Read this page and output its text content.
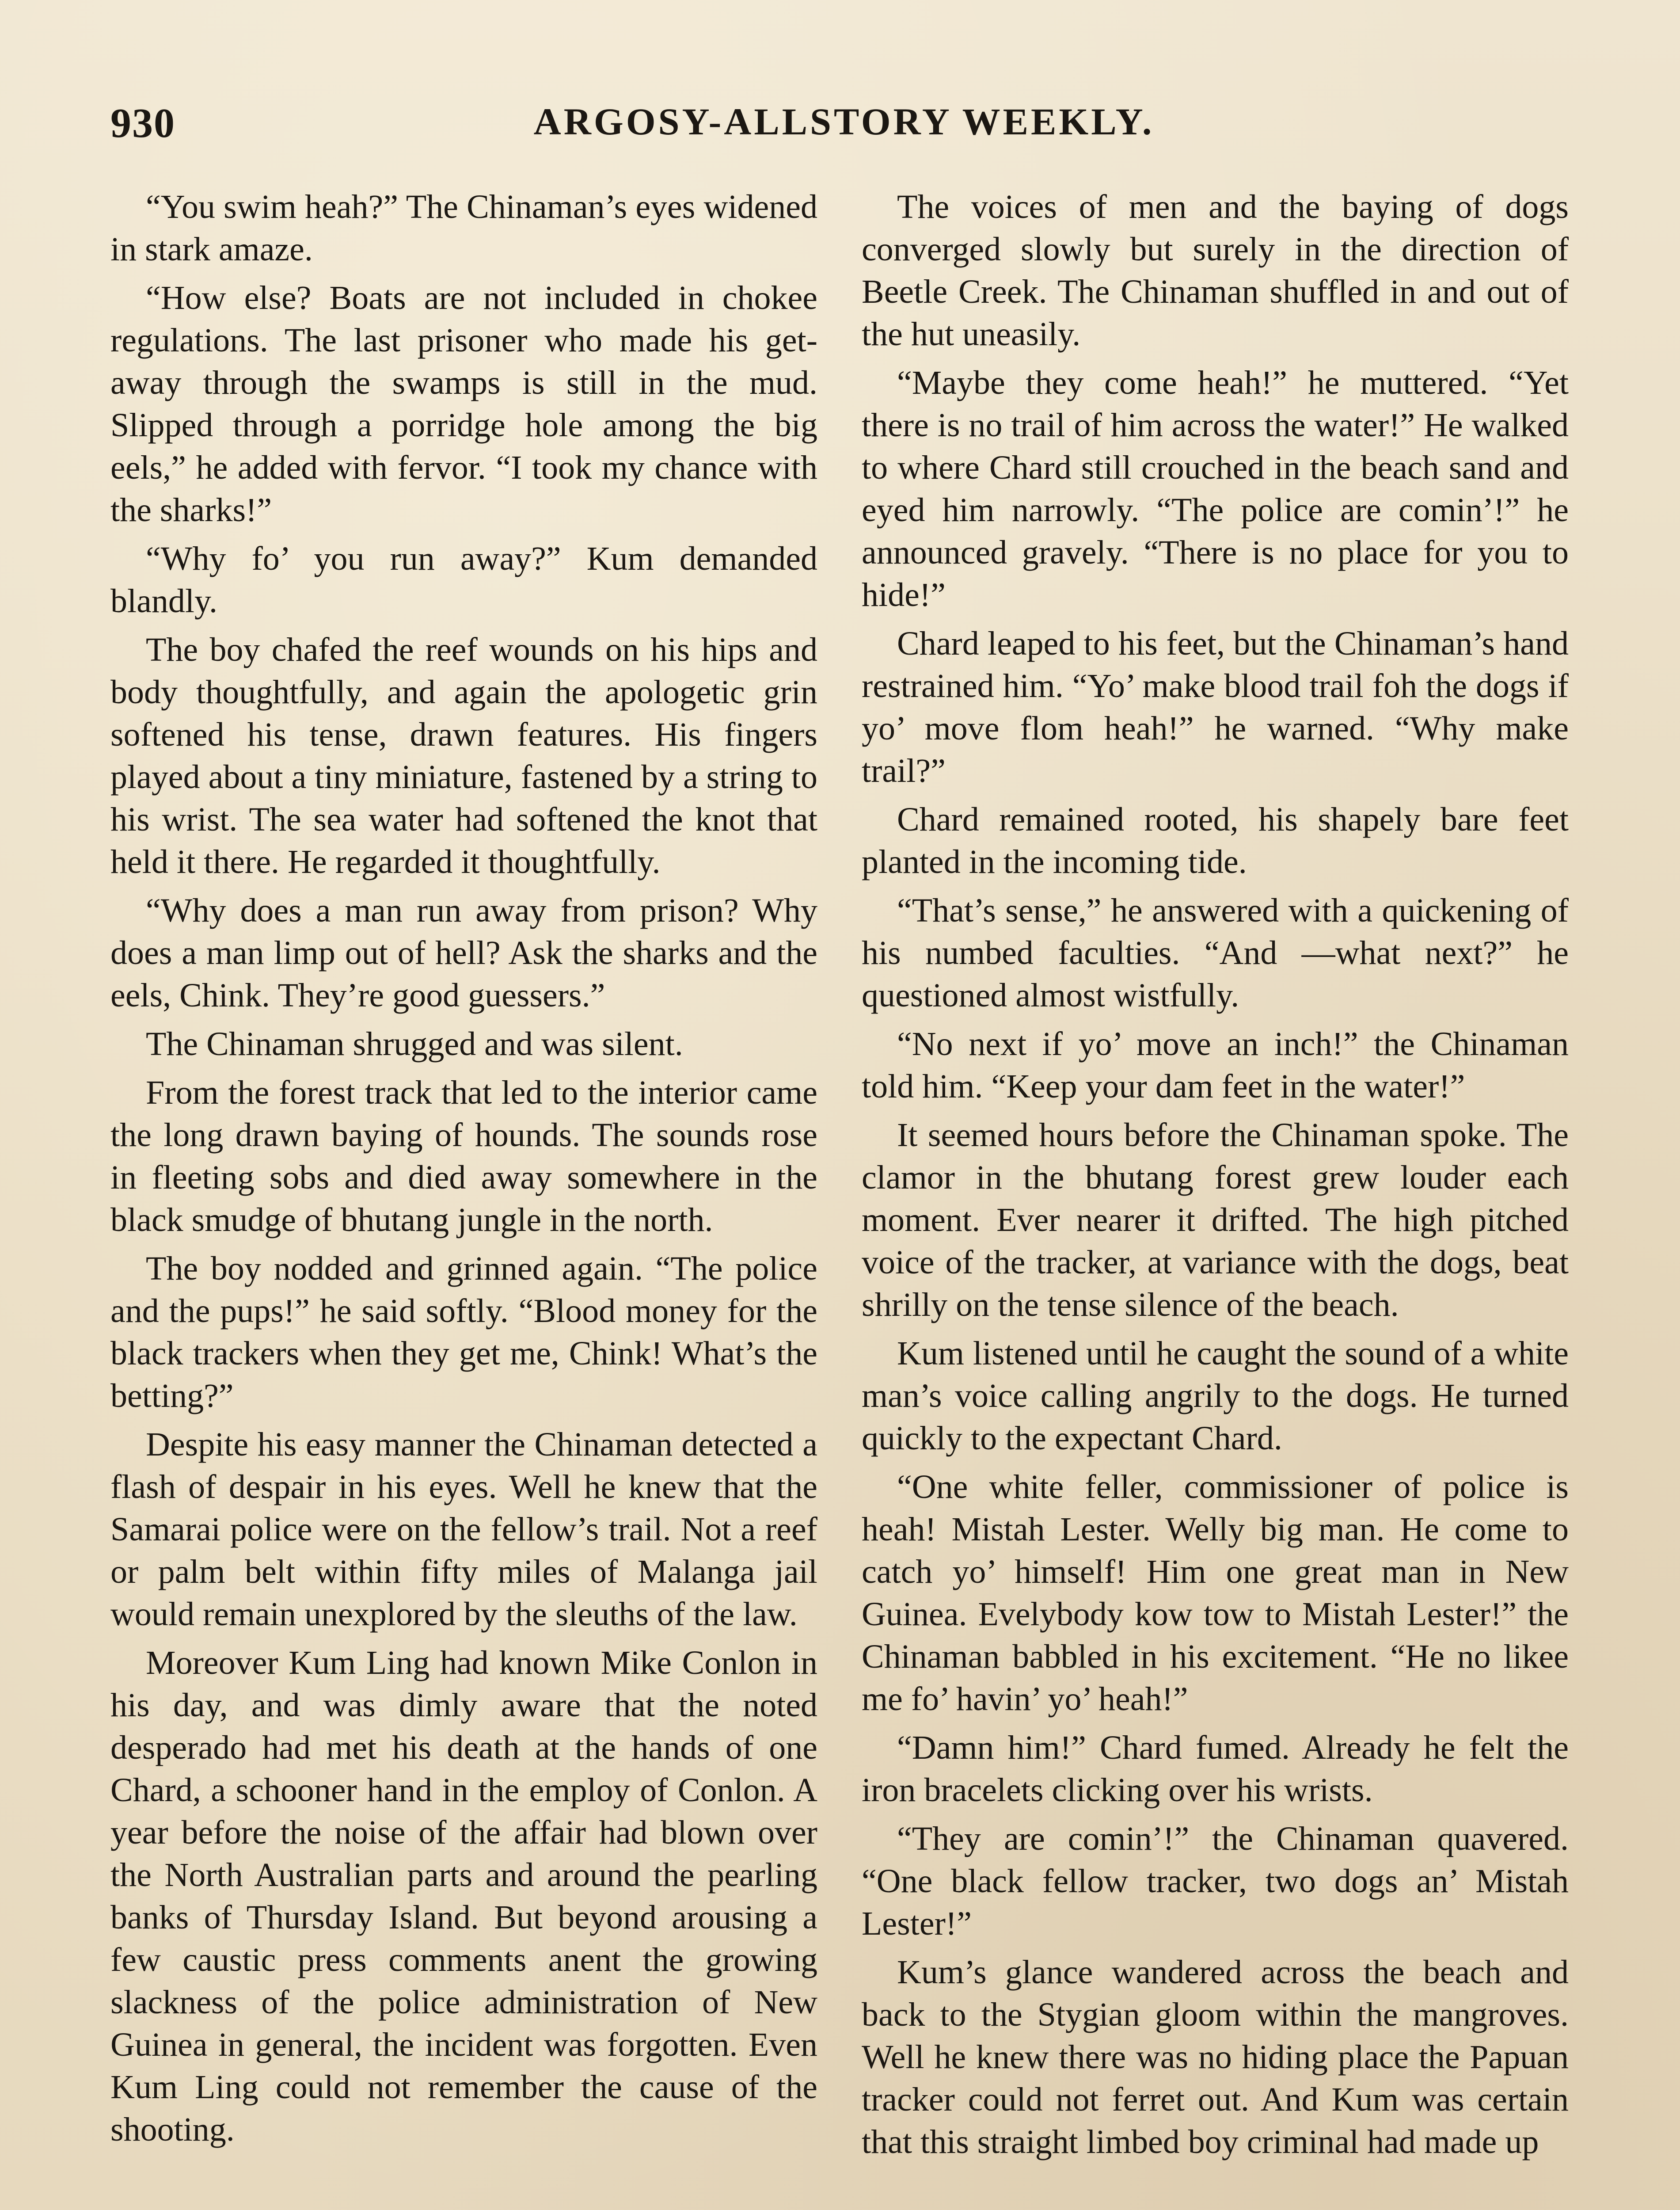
930	ARGOSY-ALLSTORY WEEKLY.

“You swim heah?” The Chinaman’s eyes widened in stark amaze.

“How else? Boats are not included in chokee regulations. The last prisoner who made his get-away through the swamps is still in the mud. Slipped through a porridge hole among the big eels,” he added with fervor. “I took my chance with the sharks!”

“Why fo’ you run away?” Kum demanded blandly.

The boy chafed the reef wounds on his hips and body thoughtfully, and again the apologetic grin softened his tense, drawn features. His fingers played about a tiny miniature, fastened by a string to his wrist. The sea water had softened the knot that held it there. He regarded it thoughtfully.

“Why does a man run away from prison? Why does a man limp out of hell? Ask the sharks and the eels, Chink. They’re good guessers.”

The Chinaman shrugged and was silent.

From the forest track that led to the interior came the long drawn baying of hounds. The sounds rose in fleeting sobs and died away somewhere in the black smudge of bhutang jungle in the north.

The boy nodded and grinned again. “The police and the pups!” he said softly. “Blood money for the black trackers when they get me, Chink! What’s the betting?”

Despite his easy manner the Chinaman detected a flash of despair in his eyes. Well he knew that the Samarai police were on the fellow’s trail. Not a reef or palm belt within fifty miles of Malanga jail would remain unexplored by the sleuths of the law.

Moreover Kum Ling had known Mike Conlon in his day, and was dimly aware that the noted desperado had met his death at the hands of one Chard, a schooner hand in the employ of Conlon. A year before the noise of the affair had blown over the North Australian parts and around the pearling banks of Thursday Island. But beyond arousing a few caustic press comments anent the growing slackness of the police administration of New Guinea in general, the incident was forgotten. Even Kum Ling could not remember the cause of the shooting.

The voices of men and the baying of dogs converged slowly but surely in the direction of Beetle Creek. The Chinaman shuffled in and out of the hut uneasily.

“Maybe they come heah!” he muttered. “Yet there is no trail of him across the water!” He walked to where Chard still crouched in the beach sand and eyed him narrowly. “The police are comin’!” he announced gravely. “There is no place for you to hide!”

Chard leaped to his feet, but the Chinaman’s hand restrained him. “Yo’ make blood trail foh the dogs if yo’ move flom heah!” he warned. “Why make trail?”

Chard remained rooted, his shapely bare feet planted in the incoming tide.

“That’s sense,” he answered with a quickening of his numbed faculties. “And —what next?” he questioned almost wistfully.

“No next if yo’ move an inch!” the Chinaman told him. “Keep your dam feet in the water!”

It seemed hours before the Chinaman spoke. The clamor in the bhutang forest grew louder each moment. Ever nearer it drifted. The high pitched voice of the tracker, at variance with the dogs, beat shrilly on the tense silence of the beach.

Kum listened until he caught the sound of a white man’s voice calling angrily to the dogs. He turned quickly to the expectant Chard.

“One white feller, commissioner of police is heah! Mistah Lester. Welly big man. He come to catch yo’ himself! Him one great man in New Guinea. Evelybody kow tow to Mistah Lester!” the Chinaman babbled in his excitement. “He no likee me fo’ havin’ yo’ heah!”

“Damn him!” Chard fumed. Already he felt the iron bracelets clicking over his wrists.

“They are comin’!” the Chinaman quavered. “One black fellow tracker, two dogs an’ Mistah Lester!”

Kum’s glance wandered across the beach and back to the Stygian gloom within the mangroves. Well he knew there was no hiding place the Papuan tracker could not ferret out. And Kum was certain that this straight limbed boy criminal had made up
